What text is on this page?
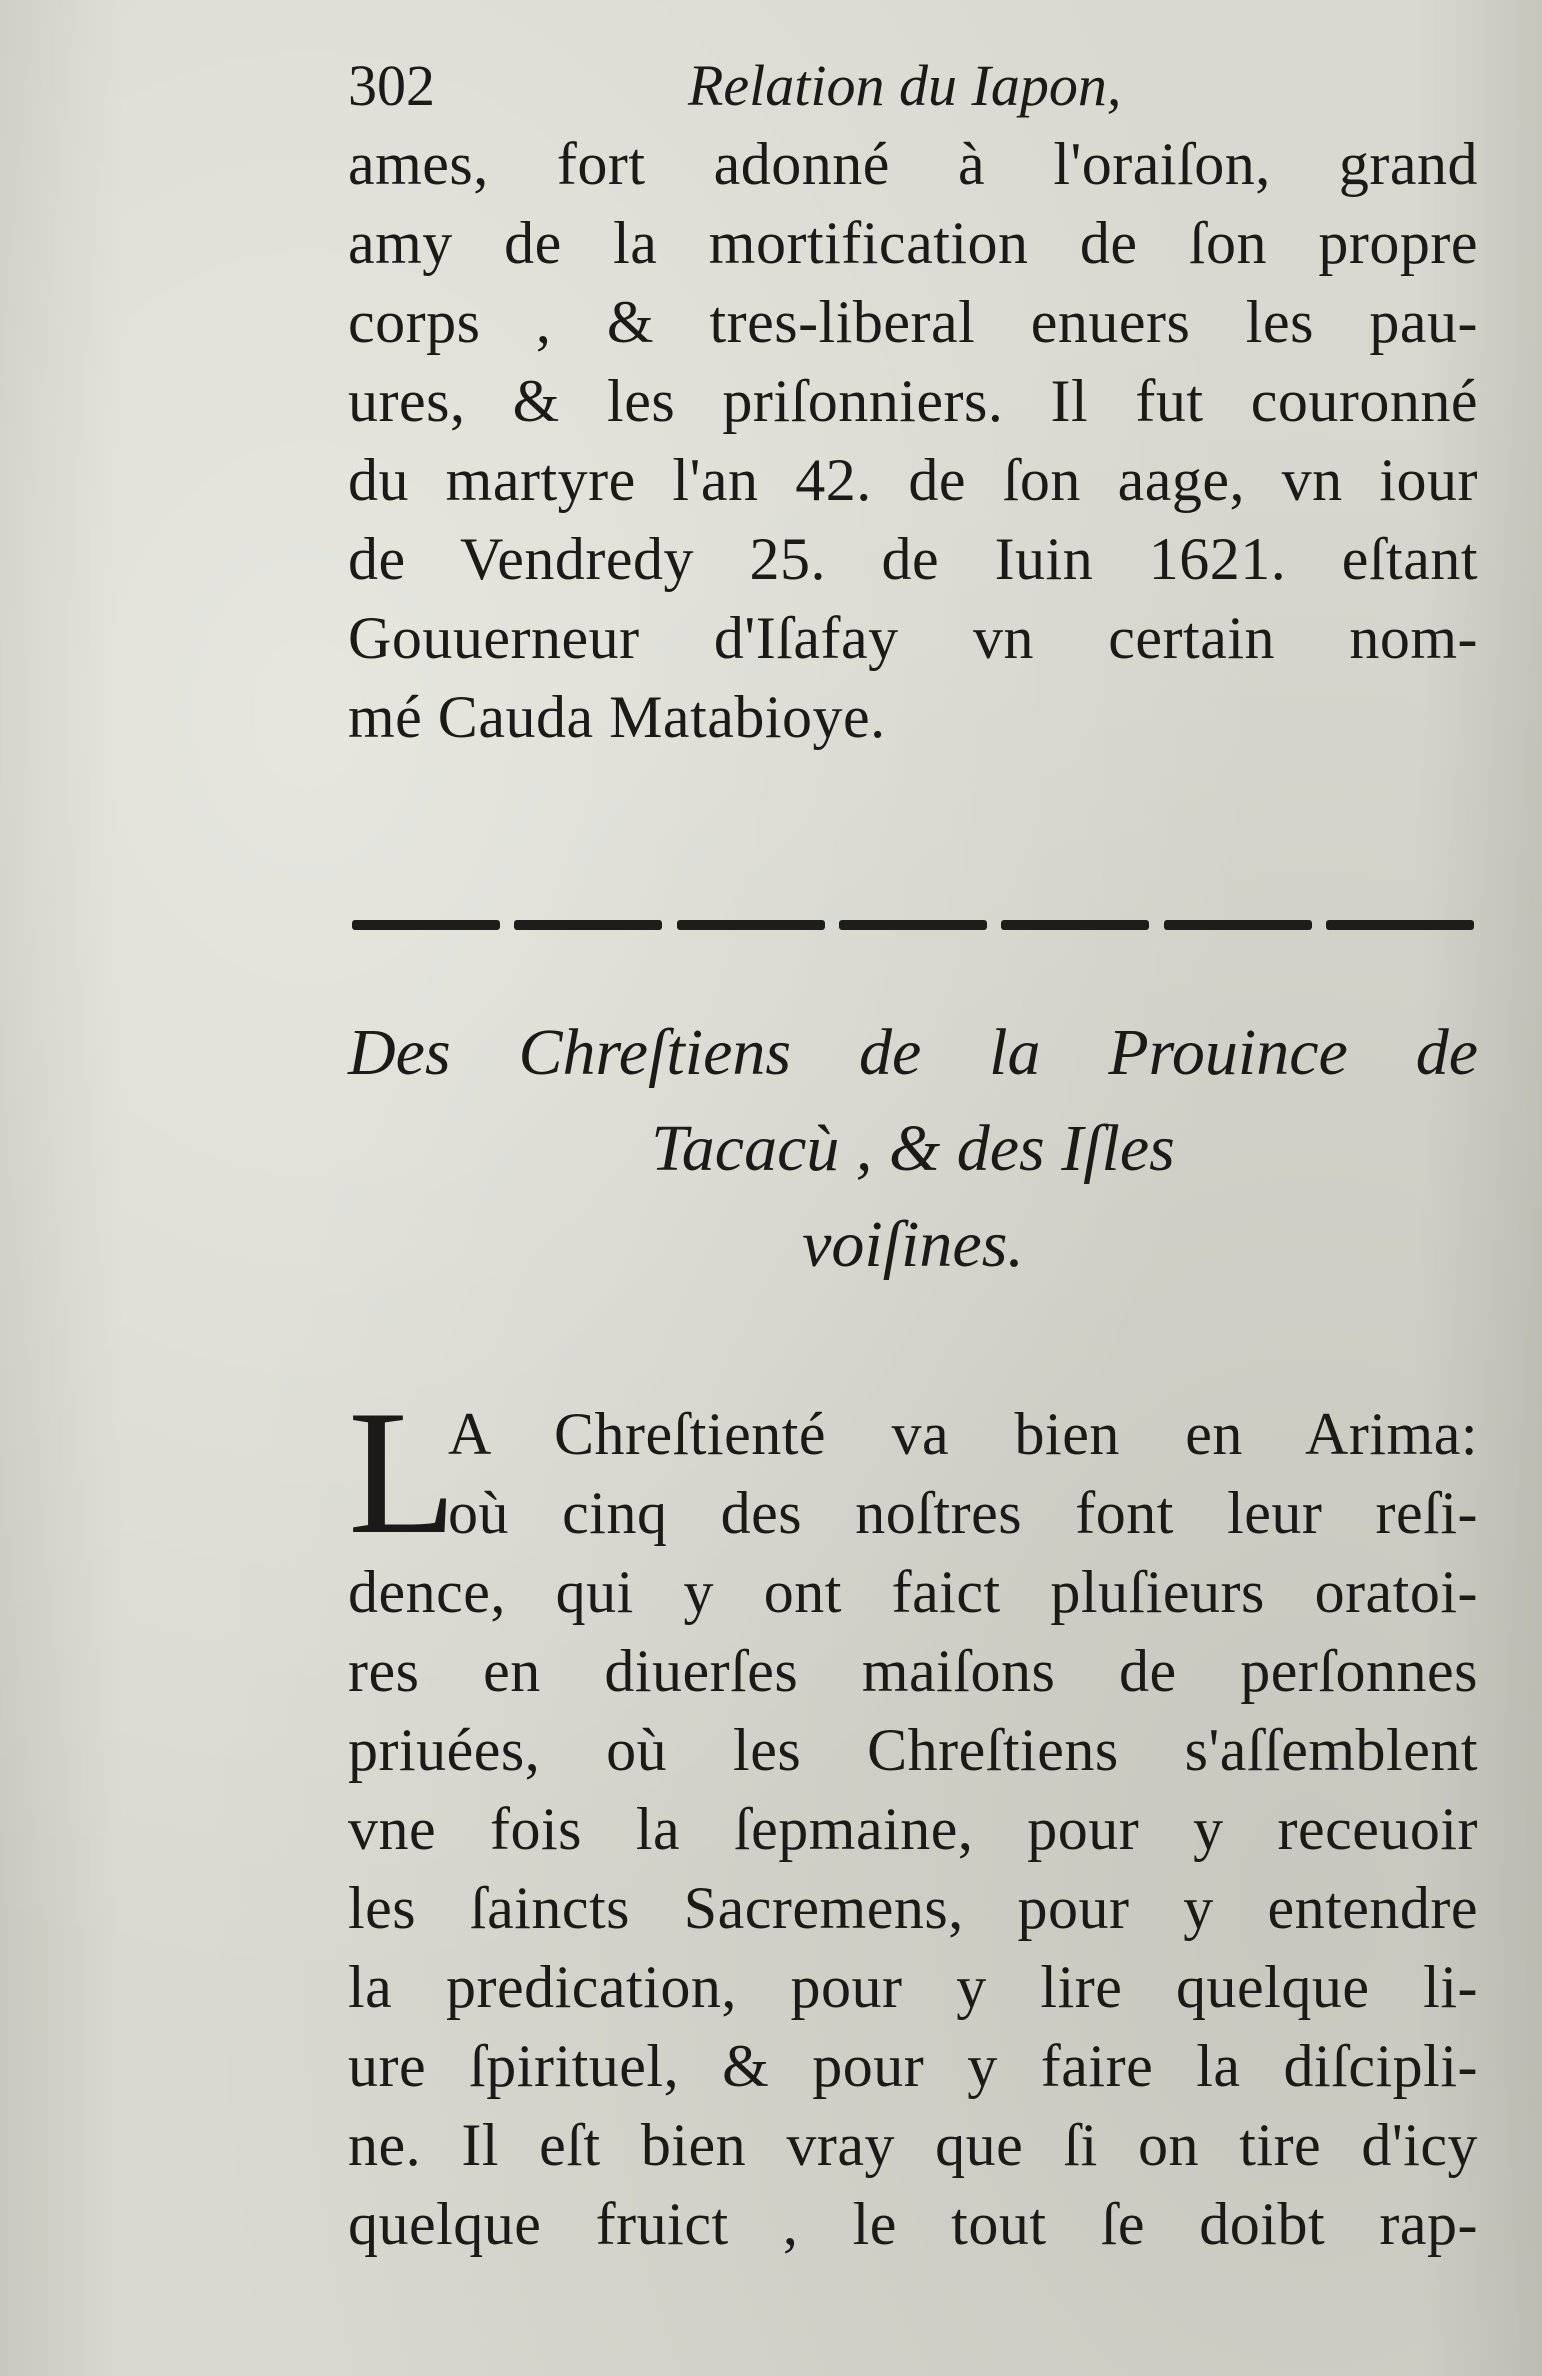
302	Relation du Iapon,
ames, fort adonné à l'oraiſon, grand
amy de la mortification de ſon propre
corps , & tres-liberal enuers les pau-
ures, & les priſonniers. Il fut couronné
du martyre l'an 42. de ſon aage, vn iour
de Vendredy 25. de Iuin 1621. eſtant
Gouuerneur d'Iſafay vn certain nom-
mé Cauda Matabioye.
Des Chreſtiens de la Prouince de
Tacacù , & des Iſles
voiſines.
L
A Chreſtienté va bien en Arima:
où cinq des noſtres font leur reſi-
dence, qui y ont faict pluſieurs oratoi-
res en diuerſes maiſons de perſonnes
priuées, où les Chreſtiens s'aſſemblent
vne fois la ſepmaine, pour y receuoir
les ſaincts Sacremens, pour y entendre
la predication, pour y lire quelque li-
ure ſpirituel, & pour y faire la diſcipli-
ne. Il eſt bien vray que ſi on tire d'icy
quelque fruict , le tout ſe doibt rap-
